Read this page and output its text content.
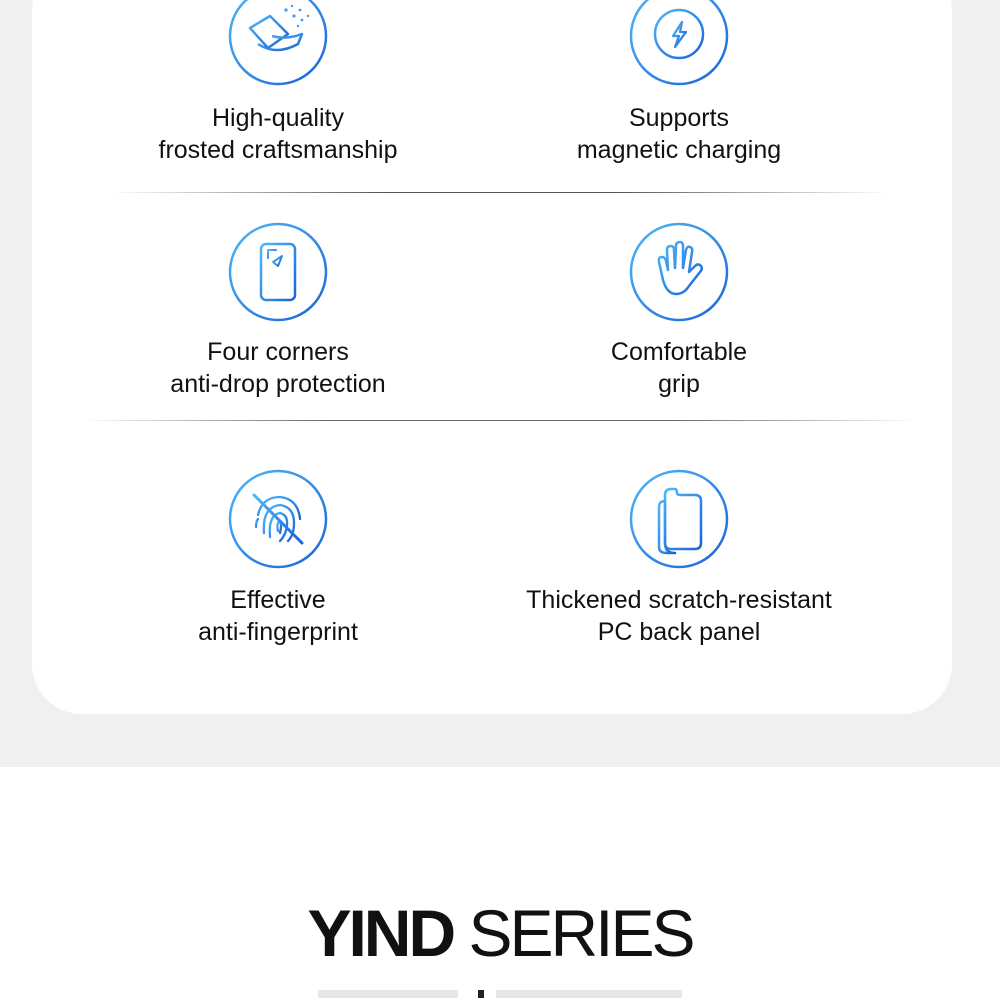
High-quality
frosted craftsmanship
Supports
magnetic charging
Four corners
anti-drop protection
Comfortable
grip
Effective
anti-fingerprint
Thickened scratch-resistant
PC back panel
YIND SERIES
